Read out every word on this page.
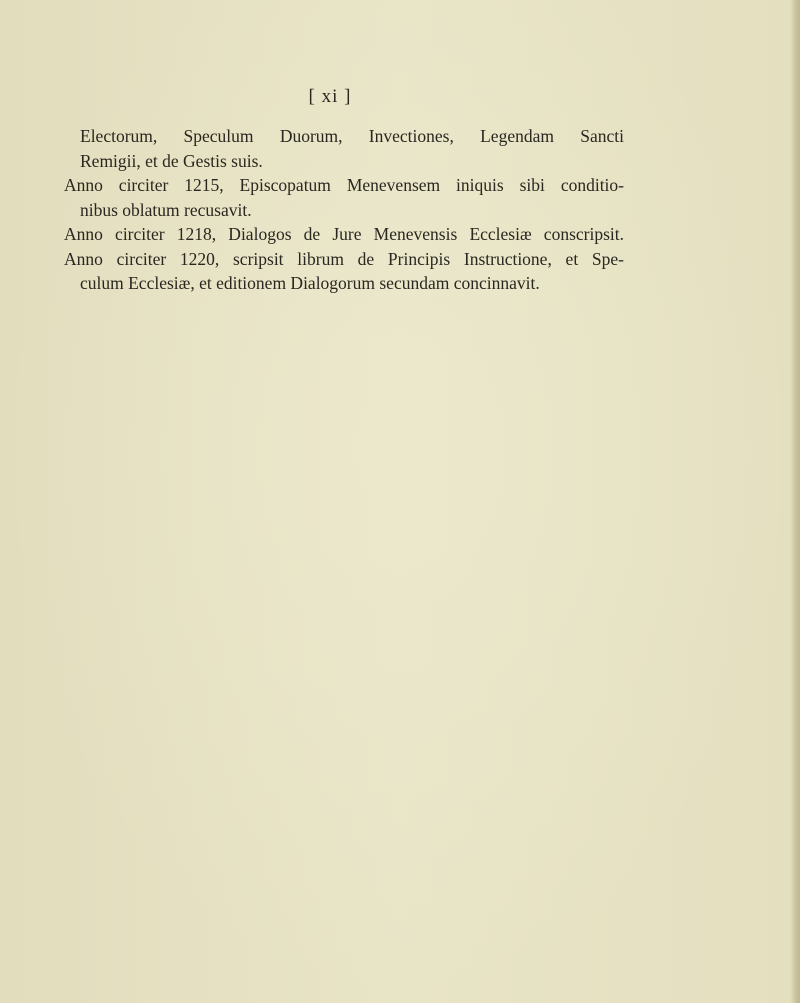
[ xi ]

Electorum, Speculum Duorum, Invectiones, Legendam Sancti
Remigii, et de Gestis suis.

Anno circiter 1215, Episcopatum Menevensem iniquis sibi conditio-
nibus oblatum recusavit.

Anno circiter 1218, Dialogos de Jure Menevensis Ecclesiæ conscripsit.

Anno circiter 1220, scripsit librum de Principis Instructione, et Spe-
culum Ecclesiæ, et editionem Dialogorum secundam concinnavit.
